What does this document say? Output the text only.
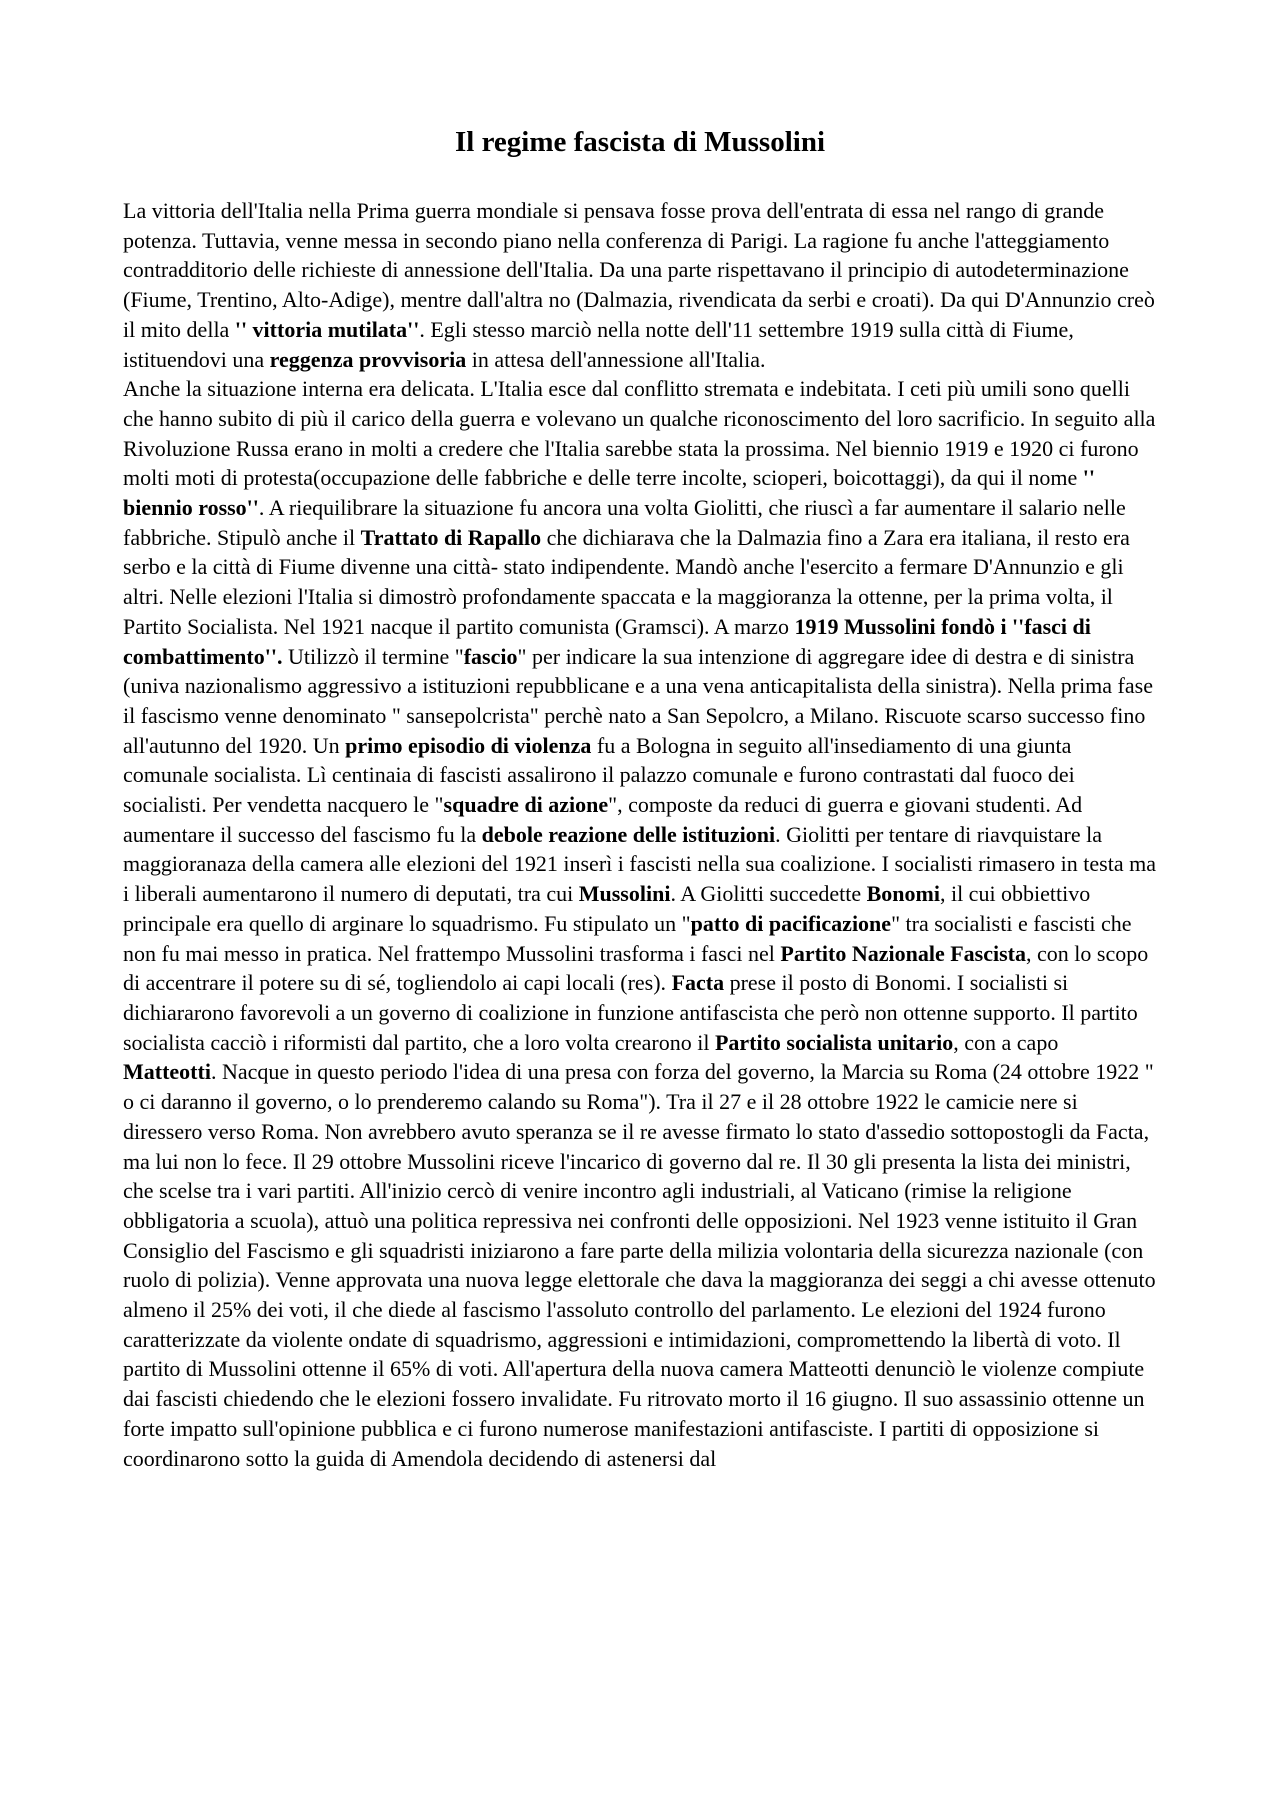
Il regime fascista di Mussolini

La vittoria dell'Italia nella Prima guerra mondiale si pensava fosse prova dell'entrata di essa nel rango di grande potenza. Tuttavia, venne messa in secondo piano nella conferenza di Parigi. La ragione fu anche l'atteggiamento contradditorio delle richieste di annessione dell'Italia. Da una parte rispettavano il principio di autodeterminazione (Fiume, Trentino, Alto-Adige), mentre dall'altra no (Dalmazia, rivendicata da serbi e croati). Da qui D'Annunzio creò il mito della '' vittoria mutilata''. Egli stesso marciò nella notte dell'11 settembre 1919 sulla città di Fiume, istituendovi una reggenza provvisoria in attesa dell'annessione all'Italia.

Anche la situazione interna era delicata. L'Italia esce dal conflitto stremata e indebitata. I ceti più umili sono quelli che hanno subito di più il carico della guerra e volevano un qualche riconoscimento del loro sacrificio. In seguito alla Rivoluzione Russa erano in molti a credere che l'Italia sarebbe stata la prossima. Nel biennio 1919 e 1920 ci furono molti moti di protesta(occupazione delle fabbriche e delle terre incolte, scioperi, boicottaggi), da qui il nome '' biennio rosso''. A riequilibrare la situazione fu ancora una volta Giolitti, che riuscì a far aumentare il salario nelle fabbriche. Stipulò anche il Trattato di Rapallo che dichiarava che la Dalmazia fino a Zara era italiana, il resto era serbo e la città di Fiume divenne una città- stato indipendente. Mandò anche l'esercito a fermare D'Annunzio e gli altri. Nelle elezioni l'Italia si dimostrò profondamente spaccata e la maggioranza la ottenne, per la prima volta, il Partito Socialista. Nel 1921 nacque il partito comunista (Gramsci). A marzo 1919 Mussolini fondò i ''fasci di combattimento''. Utilizzò il termine "fascio" per indicare la sua intenzione di aggregare idee di destra e di sinistra (univa nazionalismo aggressivo a istituzioni repubblicane e a una vena anticapitalista della sinistra). Nella prima fase il fascismo venne denominato " sansepolcrista" perchè nato a San Sepolcro, a Milano. Riscuote scarso successo fino all'autunno del 1920. Un primo episodio di violenza fu a Bologna in seguito all'insediamento di una giunta comunale socialista. Lì centinaia di fascisti assalirono il palazzo comunale e furono contrastati dal fuoco dei socialisti. Per vendetta nacquero le "squadre di azione", composte da reduci di guerra e giovani studenti. Ad aumentare il successo del fascismo fu la debole reazione delle istituzioni. Giolitti per tentare di riavquistare la maggioranaza della camera alle elezioni del 1921 inserì i fascisti nella sua coalizione. I socialisti rimasero in testa ma i liberali aumentarono il numero di deputati, tra cui Mussolini. A Giolitti succedette Bonomi, il cui obbiettivo principale era quello di arginare lo squadrismo. Fu stipulato un "patto di pacificazione" tra socialisti e fascisti che non fu mai messo in pratica. Nel frattempo Mussolini trasforma i fasci nel Partito Nazionale Fascista, con lo scopo di accentrare il potere su di sé, togliendolo ai capi locali (res). Facta prese il posto di Bonomi. I socialisti si dichiararono favorevoli a un governo di coalizione in funzione antifascista che però non ottenne supporto. Il partito socialista cacciò i riformisti dal partito, che a loro volta crearono il Partito socialista unitario, con a capo Matteotti. Nacque in questo periodo l'idea di una presa con forza del governo, la Marcia su Roma (24 ottobre 1922 " o ci daranno il governo, o lo prenderemo calando su Roma"). Tra il 27 e il 28 ottobre 1922 le camicie nere si diressero verso Roma. Non avrebbero avuto speranza se il re avesse firmato lo stato d'assedio sottopostogli da Facta, ma lui non lo fece. Il 29 ottobre Mussolini riceve l'incarico di governo dal re. Il 30 gli presenta la lista dei ministri, che scelse tra i vari partiti. All'inizio cercò di venire incontro agli industriali, al Vaticano (rimise la religione obbligatoria a scuola), attuò una politica repressiva nei confronti delle opposizioni. Nel 1923 venne istituito il Gran Consiglio del Fascismo e gli squadristi iniziarono a fare parte della milizia volontaria della sicurezza nazionale (con ruolo di polizia). Venne approvata una nuova legge elettorale che dava la maggioranza dei seggi a chi avesse ottenuto almeno il 25% dei voti, il che diede al fascismo l'assoluto controllo del parlamento. Le elezioni del 1924 furono caratterizzate da violente ondate di squadrismo, aggressioni e intimidazioni, compromettendo la libertà di voto. Il partito di Mussolini ottenne il 65% di voti. All'apertura della nuova camera Matteotti denunciò le violenze compiute dai fascisti chiedendo che le elezioni fossero invalidate. Fu ritrovato morto il 16 giugno. Il suo assassinio ottenne un forte impatto sull'opinione pubblica e ci furono numerose manifestazioni antifasciste. I partiti di opposizione si coordinarono sotto la guida di Amendola decidendo di astenersi dal
